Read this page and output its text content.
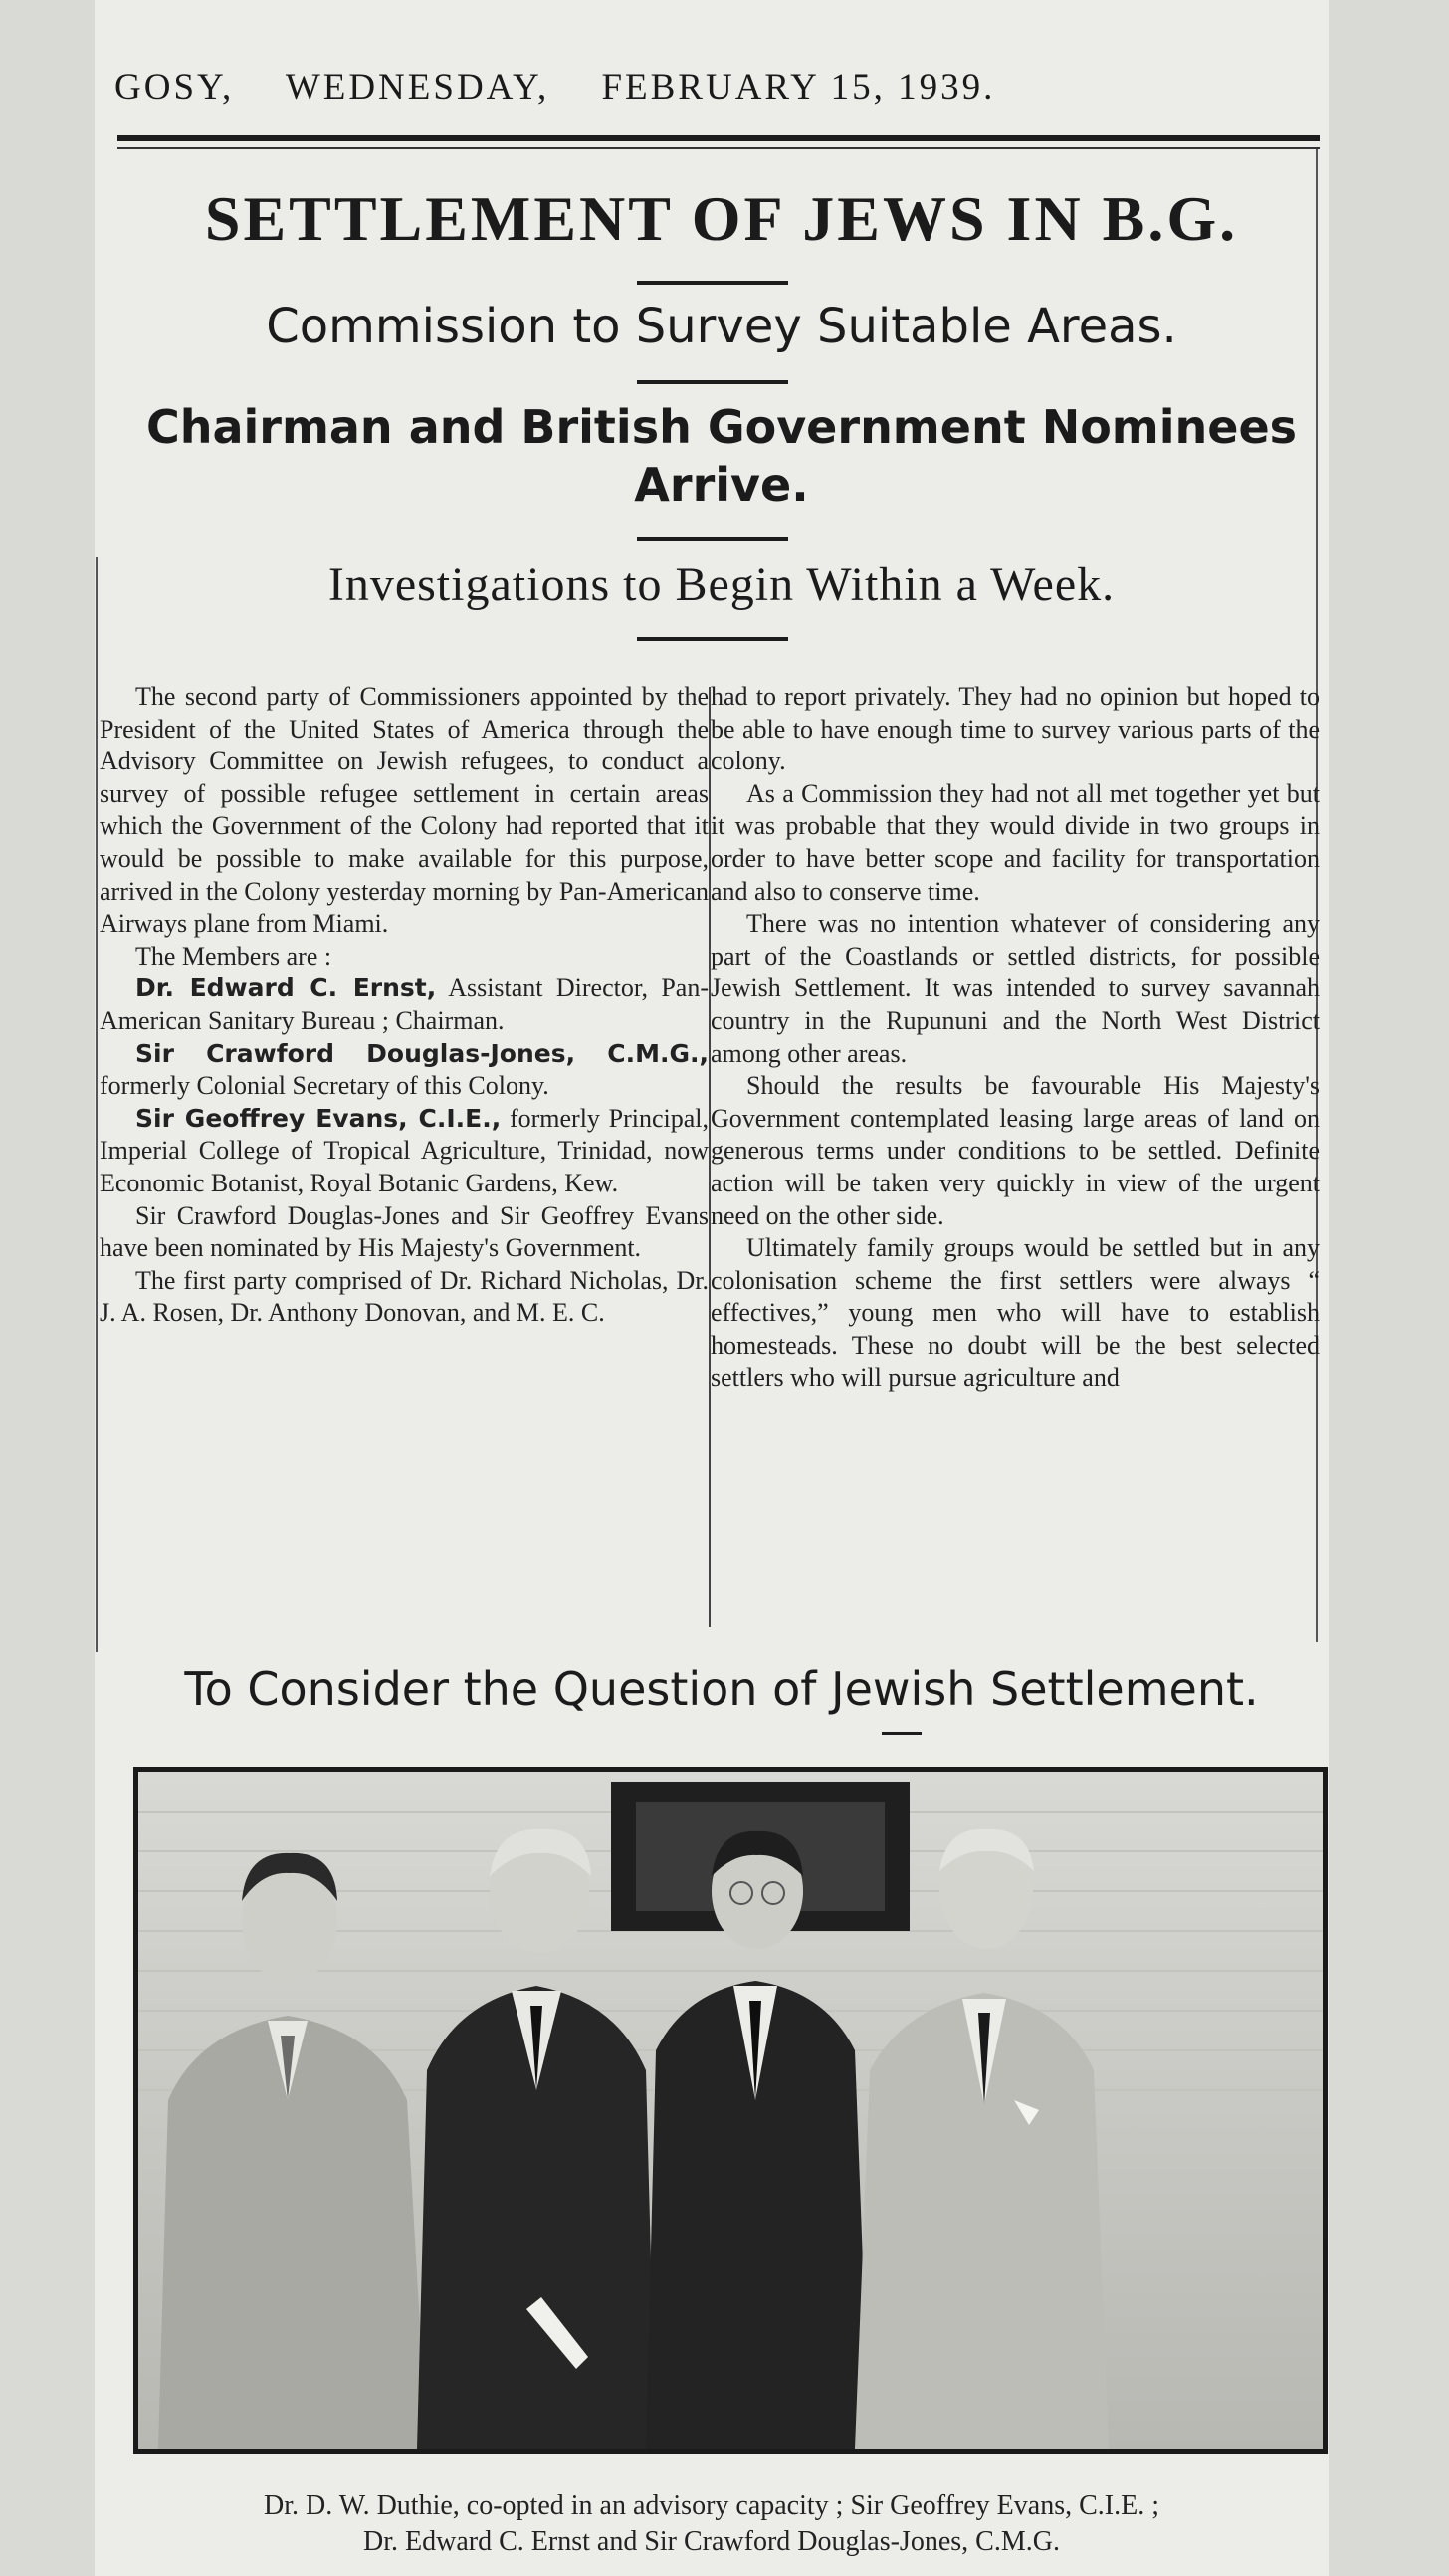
GOSY, WEDNESDAY, FEBRUARY 15, 1939.
SETTLEMENT OF JEWS IN B.G.
Commission to Survey Suitable Areas.
Chairman and British Government Nominees Arrive.
Investigations to Begin Within a Week.

The second party of Commissioners appointed by the President of the United States of America through the Advisory Committee on Jewish refugees, to conduct a survey of possible refugee settlement in certain areas which the Government of the Colony had reported that it would be possible to make available for this purpose, arrived in the Colony yesterday morning by Pan-American Airways plane from Miami.

The Members are :

Dr. Edward C. Ernst, Assistant Director, Pan-American Sanitary Bureau ; Chairman.

Sir Crawford Douglas-Jones, C.M.G., formerly Colonial Secretary of this Colony.

Sir Geoffrey Evans, C.I.E., formerly Principal, Imperial College of Tropical Agriculture, Trinidad, now Economic Botanist, Royal Botanic Gardens, Kew.

Sir Crawford Douglas-Jones and Sir Geoffrey Evans have been nominated by His Majesty's Government.

The first party comprised of Dr. Richard Nicholas, Dr. J. A. Rosen, Dr. Anthony Donovan, and M. E. C.

had to report privately. They had no opinion but hoped to be able to have enough time to survey various parts of the colony.

As a Commission they had not all met together yet but it was probable that they would divide in two groups in order to have better scope and facility for transportation and also to conserve time.

There was no intention whatever of considering any part of the Coastlands or settled districts, for possible Jewish Settlement. It was intended to survey savannah country in the Rupununi and the North West District among other areas.

Should the results be favourable His Majesty's Government contemplated leasing large areas of land on generous terms under conditions to be settled. Definite action will be taken very quickly in view of the urgent need on the other side.

Ultimately family groups would be settled but in any colonisation scheme the first settlers were always “ effectives,” young men who will have to establish homesteads. These no doubt will be the best selected settlers who will pursue agriculture and

To Consider the Question of Jewish Settlement.
Dr. D. W. Duthie, co-opted in an advisory capacity ; Sir Geoffrey Evans, C.I.E. ;
Dr. Edward C. Ernst and Sir Crawford Douglas-Jones, C.M.G.
